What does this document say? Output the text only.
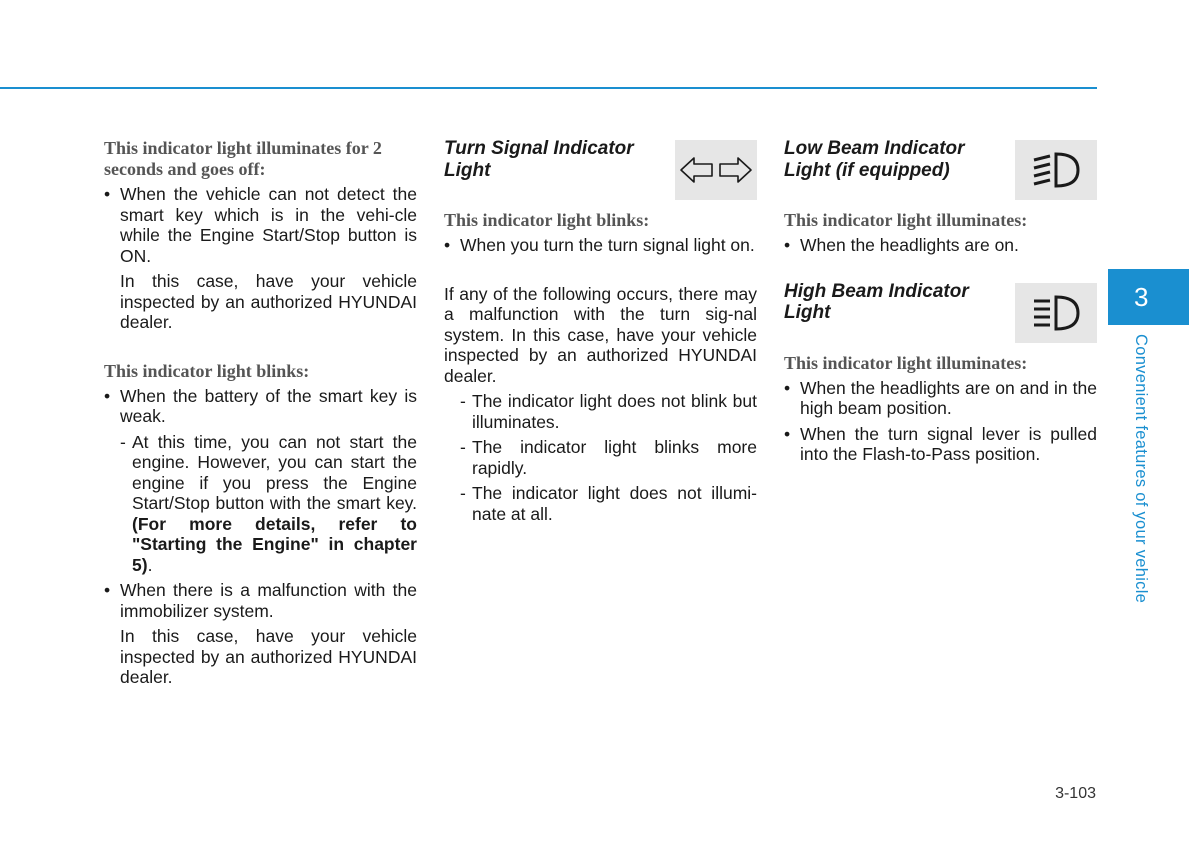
This indicator light illuminates for 2 seconds and goes off:
• When the vehicle can not detect the smart key which is in the vehi-cle while the Engine Start/Stop button is ON.
In this case, have your vehicle inspected by an authorized HYUNDAI dealer.
This indicator light blinks:
• When the battery of the smart key is weak.
- At this time, you can not start the engine. However, you can start the engine if you press the Engine Start/Stop button with the smart key. (For more details, refer to "Starting the Engine" in chapter 5).
• When there is a malfunction with the immobilizer system.
In this case, have your vehicle inspected by an authorized HYUNDAI dealer.
Turn Signal Indicator Light
This indicator light blinks:
• When you turn the turn signal light on.
If any of the following occurs, there may a malfunction with the turn sig-nal system. In this case, have your vehicle inspected by an authorized HYUNDAI dealer.
- The indicator light does not blink but illuminates.
- The indicator light blinks more rapidly.
- The indicator light does not illumi-nate at all.
Low Beam Indicator Light (if equipped)
This indicator light illuminates:
• When the headlights are on.
High Beam Indicator Light
This indicator light illuminates:
• When the headlights are on and in the high beam position.
• When the turn signal lever is pulled into the Flash-to-Pass position.
3
Convenient features of your vehicle
3-103
